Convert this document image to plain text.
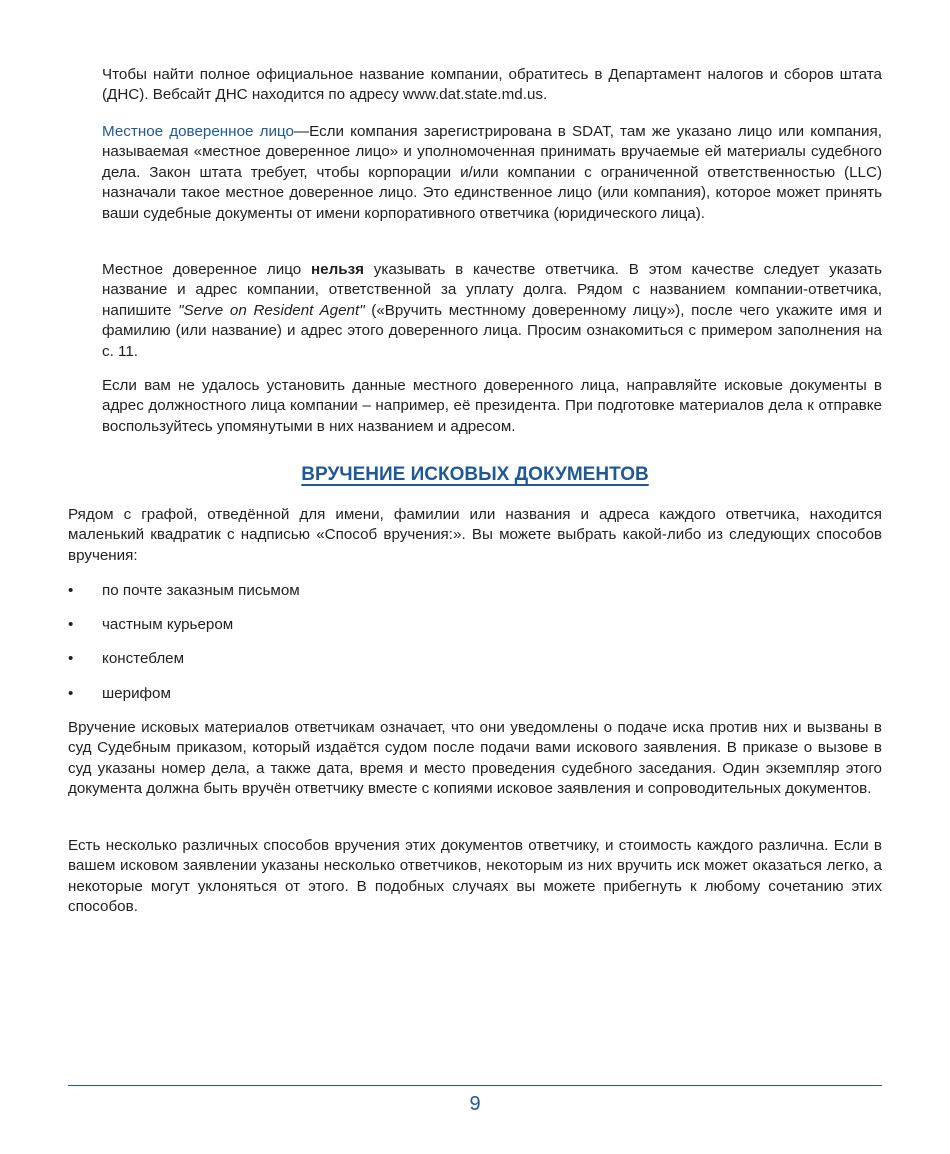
Чтобы найти полное официальное название компании, обратитесь в Департамент налогов и сборов штата (ДНС). Вебсайт ДНС находится по адресу www.dat.state.md.us.

Местное доверенное лицо—Если компания зарегистрирована в SDAT, там же указано лицо или компания, называемая «местное доверенное лицо» и уполномоченная принимать вручаемые ей материалы судебного дела. Закон штата требует, чтобы корпорации и/или компании с ограниченной ответственностью (LLC) назначали такое местное доверенное лицо. Это единственное лицо (или компания), которое может принять ваши судебные документы от имени корпоративного ответчика (юридического лица).

Местное доверенное лицо нельзя указывать в качестве ответчика. В этом качестве следует указать название и адрес компании, ответственной за уплату долга. Рядом с названием компании-ответчика, напишите "Serve on Resident Agent" («Вручить местнному доверенному лицу»), после чего укажите имя и фамилию (или название) и адрес этого доверенного лица. Просим ознакомиться с примером заполнения на с. 11.

Если вам не удалось установить данные местного доверенного лица, направляйте исковые документы в адрес должностного лица компании – например, её президента. При подготовке материалов дела к отправке воспользуйтесь упомянутыми в них названием и адресом.

ВРУЧЕНИЕ ИСКОВЫХ ДОКУМЕНТОВ

Рядом с графой, отведённой для имени, фамилии или названия и адреса каждого ответчика, находится маленький квадратик с надписью «Способ вручения:». Вы можете выбрать какой-либо из следующих способов вручения:

• по почте заказным письмом
• частным курьером
• констеблем
• шерифом

Вручение исковых материалов ответчикам означает, что они уведомлены о подаче иска против них и вызваны в суд Судебным приказом, который издаётся судом после подачи вами искового заявления. В приказе о вызове в суд указаны номер дела, а также дата, время и место проведения судебного заседания. Один экземпляр этого документа должна быть вручён ответчику вместе с копиями исковое заявления и сопроводительных документов.

Есть несколько различных способов вручения этих документов ответчику, и стоимость каждого различна. Если в вашем исковом заявлении указаны несколько ответчиков, некоторым из них вручить иск может оказаться легко, а некоторые могут уклоняться от этого. В подобных случаях вы можете прибегнуть к любому сочетанию этих способов.

9
